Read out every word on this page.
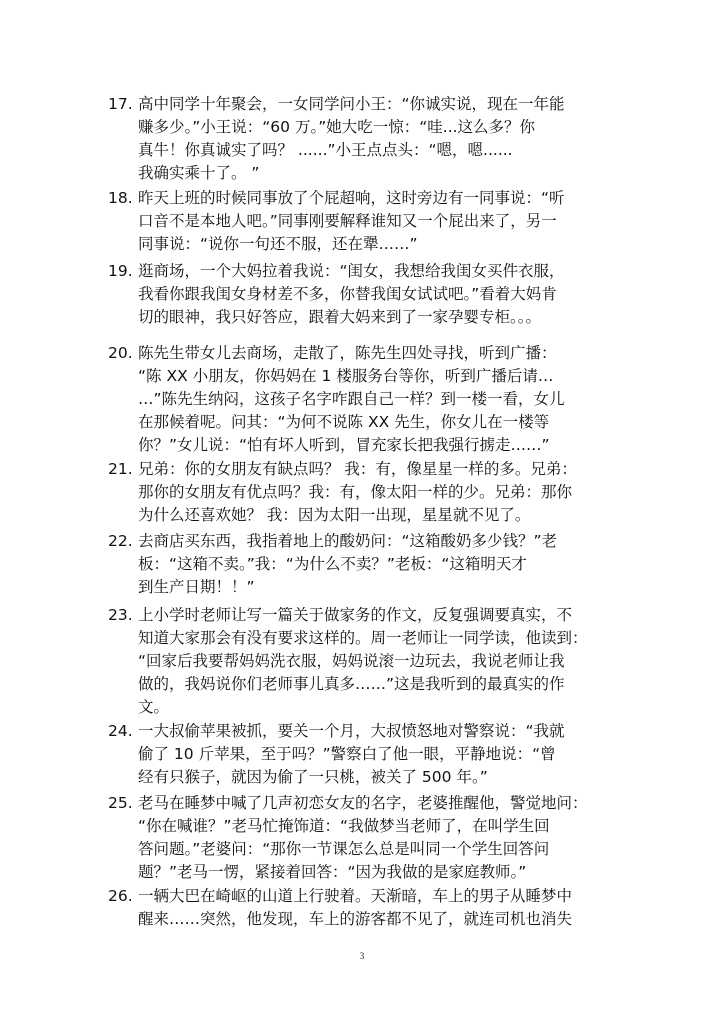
17. 高中同学十年聚会，一女同学问小王：“你诚实说，现在一年能
赚多少。”小王说：“60 万。”她大吃一惊：“哇...这么多？你
真牛！你真诚实了吗？ ......”小王点点头：“嗯，嗯......
我确实乘十了。 ”
18. 昨天上班的时候同事放了个屁超响，这时旁边有一同事说：“听
口音不是本地人吧。”同事刚要解释谁知又一个屁出来了，另一
同事说：“说你一句还不服，还在犟……”
19. 逛商场，一个大妈拉着我说：“闺女，我想给我闺女买件衣服，
我看你跟我闺女身材差不多，你替我闺女试试吧。”看着大妈肯
切的眼神，我只好答应，跟着大妈来到了一家孕婴专柜。。。
20. 陈先生带女儿去商场，走散了，陈先生四处寻找，听到广播：
“陈 XX 小朋友，你妈妈在 1 楼服务台等你，听到广播后请…
…”陈先生纳闷，这孩子名字咋跟自己一样？到一楼一看，女儿
在那候着呢。问其：“为何不说陈 XX 先生，你女儿在一楼等
你？”女儿说：“怕有坏人听到，冒充家长把我强行掳走……”
21. 兄弟：你的女朋友有缺点吗？ 我：有，像星星一样的多。兄弟：
那你的女朋友有优点吗？我：有，像太阳一样的少。兄弟：那你
为什么还喜欢她？ 我：因为太阳一出现，星星就不见了。
22. 去商店买东西，我指着地上的酸奶问：“这箱酸奶多少钱？”老
板：“这箱不卖。”我：“为什么不卖？”老板：“这箱明天才
到生产日期！！”
23. 上小学时老师让写一篇关于做家务的作文，反复强调要真实，不
知道大家那会有没有要求这样的。周一老师让一同学读，他读到：
“回家后我要帮妈妈洗衣服，妈妈说滚一边玩去，我说老师让我
做的，我妈说你们老师事儿真多……”这是我听到的最真实的作
文。
24. 一大叔偷苹果被抓，要关一个月，大叔愤怒地对警察说：“我就
偷了 10 斤苹果，至于吗？”警察白了他一眼，平静地说：“曾
经有只猴子，就因为偷了一只桃，被关了 500 年。”
25. 老马在睡梦中喊了几声初恋女友的名字，老婆推醒他，警觉地问：
“你在喊谁？”老马忙掩饰道：“我做梦当老师了，在叫学生回
答问题。”老婆问：“那你一节课怎么总是叫同一个学生回答问
题？”老马一愣，紧接着回答：“因为我做的是家庭教师。”
26. 一辆大巴在崎岖的山道上行驶着。天渐暗，车上的男子从睡梦中
醒来……突然，他发现，车上的游客都不见了，就连司机也消失
3
